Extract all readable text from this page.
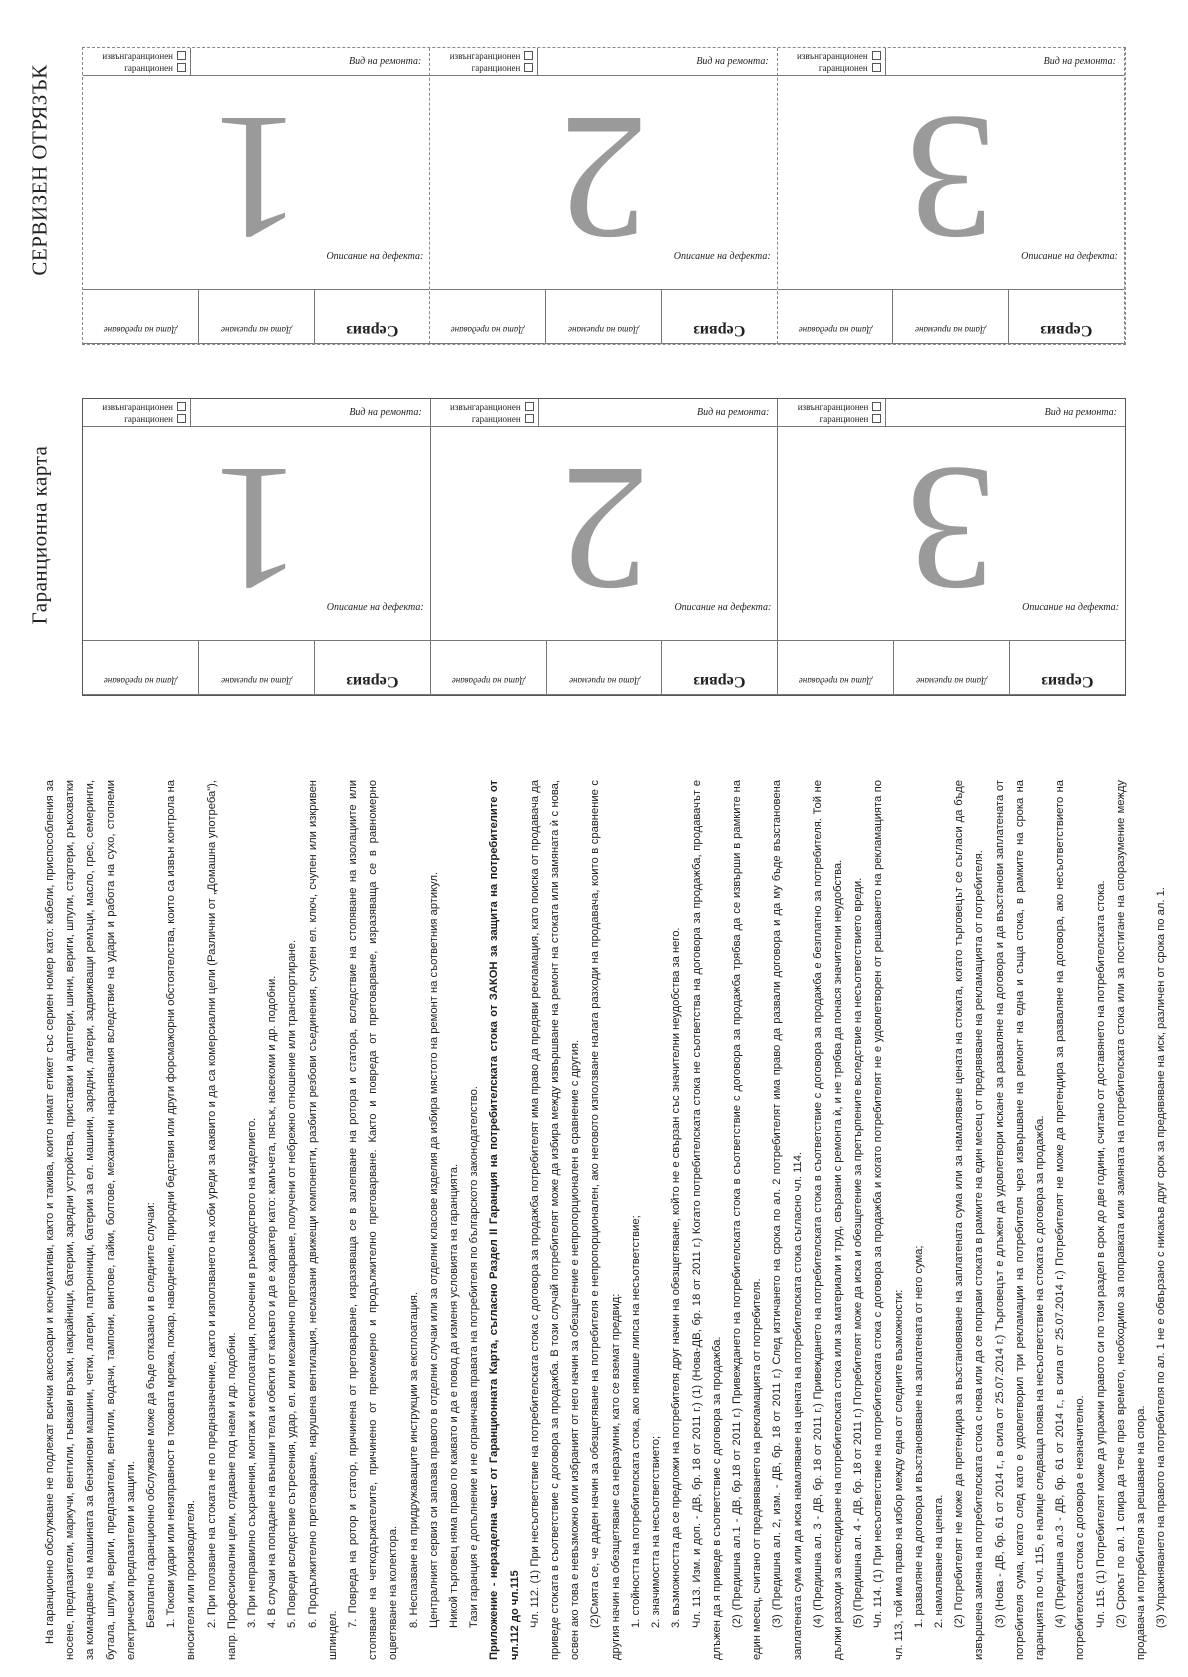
СЕРВИЗЕН ОТРЯЗЪК
Гаранционна карта
извънгаранционен
гаранционен
Вид на ремонта:
1	Описание на дефекта:
Дата на предаване	Дата на приемане	Сервиз
извънгаранционен
гаранционен
Вид на ремонта:
2	Описание на дефекта:
Дата на предаване	Дата на приемане	Сервиз
извънгаранционен
гаранционен
Вид на ремонта:
3	Описание на дефекта:
Дата на предаване	Дата на приемане	Сервиз
извънгаранционен
гаранционен
Вид на ремонта:
1	Описание на дефекта:
Дата на предаване	Дата на приемане	Сервиз
извънгаранционен
гаранционен
Вид на ремонта:
2	Описание на дефекта:
Дата на предаване	Дата на приемане	Сервиз
извънгаранционен
гаранционен
Вид на ремонта:
3	Описание на дефекта:
Дата на предаване	Дата на приемане	Сервиз

На гаранционно обслужване не подлежат всички аксесоари и консумативи, както и такива, които нямат етикет със сериен номер като: кабели, приспособления за носене, предпазители, маркучи, вентили, гъвкави връзки, накрайници, батерии, зарядни устройства, приставки и адаптери, шини, вериги, шпули, стартери, ръкохватки за командване на машината за бензинови машини, четки, лагери, патронници, батерии за ел. машини, зарядни, лагери, задвижващи ремъци, масло, грес, семеринги, бутала, шпули, вериги, предпазители, вентили, водачи, тампони, винтове, гайки, болтове, механични наранявания вследствие на удари и работа на сухо, стопяеми електрически предпазители и защити. Безплатно гаранционно обслужване може да бъде отказано и в следните случаи: 1. Токови удари или неизправност в токовата мрежа, пожар, наводнение, природни бедствия или други форсмажорни обстоятелства, които са извън контрола на вносителя или производителя. 2. При ползване на стоката не по предназначение, както и използването на хоби уреди за каквито и да са комерсиални цели (Различни от „Домашна употреба"), напр. Професионални цели, отдаване под наем и др. подобни. 3. При неправилно съхранения, монтаж и експлоатация, посочени в ръководството на изделието. 4. В случаи на попадане на външни тела и обекти от какъвто и да е характер като: камъчета, пясък, насекоми и др. подобни. 5. Повреди вследствие сътресения, удар, ел. или механично претоварване, получени от небрежно отношение или транспортиране. 6. Продължително претоварване, нарушена вентилация, несмазани движещи компоненти, разбити резбови съединения, счупен ел. ключ, счупен или изкривен шпиндел.

7. Повреда на ротор и статор, причинена от претоварване, изразяваща се в залепване на ротора и статора, вследствие на стопяване на изолациите или стопяване на четкодържателите, причинено от прекомерно и продължително претоварване. Както и повреда от претоварване, изразяваща се в равномерно оцветяване на колектора. 8. Неспазване на придружаващите инструкции за експлоатация. Централният сервиз си запазва правото в отделни случаи или за отделни класове изделия да избира мястото на ремонт на съответния артикул. Никой търговец няма право по каквато и да е повод да изменя условията на гаранцията. Тази гаранция е допълнение и не ограничава правата на потребителя по българското законодателство. Приложение - неразделна част от Гаранционната Карта, съгласно Раздел II Гаранция на потребителската стока от ЗАКОН за защита на потребителите от чл.112 до чл.115 Чл. 112. (1) При несъответствие на потребителската стока с договора за продажба потребителят има право да предяви рекламация, като поиска от продавача да приведе стоката в съответствие с договора за продажба. В този случай потребителят може да избира между извършване на ремонт на стоката или замяната ѝ с нова, освен ако това е невъзможно или избраният от него начин за обезщетение е непропорционален в сравнение с другия. (2)Смята се, че даден начин за обезщетяване на потребителя е непропорционален, ако неговото използване налага разходи на продавача, които в сравнение с другия начин на обезщетяване са неразумни, като се вземат предвид: 1. стойността на потребителската стока, ако нямаше липса на несъответствие; 2. значимостта на несъответствието; 3. възможността да се предложи на потребителя друг начин на обезщетяване, който не е свързан със значителни неудобства за него. Чл. 113. Изм. и доп. - ДВ, бр. 18 от 2011 г.) (1) (Нова-ДВ, бр. 18 от 2011 г.) Когато потребителската стока не съответства на договора за продажба, продавачът е длъжен да я приведе в съответствие с договора за продажба. (2) (Предишна ал.1 - ДВ, бр.18 от 2011 г.) Привеждането на потребителската стока в съответствие с договора за продажба трябва да се извърши в рамките на един месец, считано от предявяването на рекламацията от потребителя. (3) (Предишна ал. 2, изм. - ДВ, бр. 18 от 2011 г.) След изтичането на срока по ал. 2 потребителят има право да развали договора и да му бъде възстановена заплатената сума или да иска намаляване на цената на потребителската стока съгласно чл. 114. (4) (Предишна ал. 3 - ДВ, бр. 18 от 2011 г.) Привеждането на потребителската стока в съответствие с договора за продажба е безплатно за потребителя. Той не дължи разходи за експедиране на потребителската стока или за материали и труд, свързани с ремонта ѝ, и не трябва да понася значителни неудобства. (5) (Предишна ал. 4 - ДВ, бр. 18 от 2011 г.) Потребителят може да иска и обезщетение за претърпените вследствие на несъответствието вреди. Чл. 114. (1) При несъответствие на потребителската стока с договора за продажба и когато потребителят не е удовлетворен от решаването на рекламацията по чл. 113, той има право на избор между една от следните възможности: 1. разваляне на договора и възстановяване на заплатената от него сума; 2. намаляване на цената. (2) Потребителят не може да претендира за възстановяване на заплатената сума или за намаляване цената на стоката, когато търговецът се съгласи да бъде извършена замяна на потребителската стока с нова или да се поправи стоката в рамките на един месец от предявяване на рекламацията от потребителя. (3) (Нова - ДВ, бр. 61 от 2014 г., в сила от 25.07.2014 г.) Търговецът е длъжен да удовлетвори искане за разваляне на договора и да възстанови заплатената от потребителя сума, когато след като е удовлетворил три рекламации на потребителя чрез извършване на ремонт на една и съща стока, в рамките на срока на гаранцията по чл. 115, е налице следваща поява на несъответствие на стоката с договора за продажба. (4) (Предишна ал.3 - ДВ, бр. 61 от 2014 г., в сила от 25.07.2014 г.) Потребителят не може да претендира за разваляне на договора, ако несъответствието на потребителската стока с договора е незначително. Чл. 115. (1) Потребителят може да упражни правото си по този раздел в срок до две години, считано от доставянето на потребителската стока. (2) Срокът по ал. 1 спира да тече през времето, необходимо за поправката или замяната на потребителската стока или за постигане на споразумение между продавача и потребителя за решаване на спора. (3) Упражняването на правото на потребителя по ал. 1 не е обвързано с никакъв друг срок за предявяване на иск, различен от срока по ал. 1.
